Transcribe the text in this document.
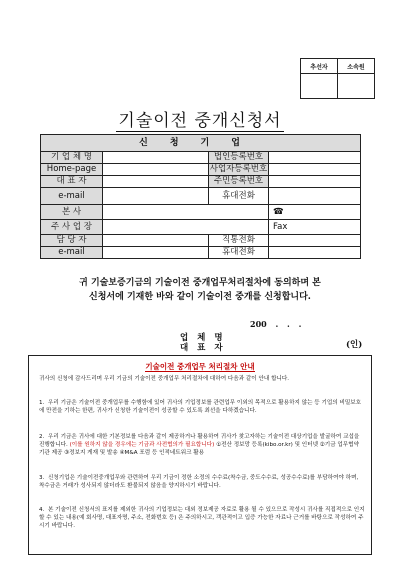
추선자	소속원

기술이전 중개신청서
신청기업			
기 업 체 명		법인등록번호	
Home-page		사업자등록번호	
대 표 자		주민등록번호	
e-mail		휴대전화	
본 사			☎
주 사 업 장			Fax
담 당 자		직통전화	
e-mail		휴대전화	
귀 기술보증기금의 기술이전 중개업무처리절차에 동의하며 본
신청서에 기재한 바와 같이 기술이전 중개를 신청합니다.
200 . . .
업 체 명
대 표 자	(인)
기술이전 중개업무 처리절차 안내

귀사의 신청에 감사드리며 우리 기금의 기술이전 중개업무 처리절차에 대하여 다음과 같이 안내 합니다.

1. 우리 기금은 기술이전 중개업무를 수행함에 있어 귀사의 기업정보를 관련업무 이외의 목적으로 활용하지 않는 등 기업의 비밀보호에 만전을 기하는 한편, 귀사가 신청한 기술이전이 성공할 수 있도록 최선을 다하겠습니다.

2. 우리 기금은 귀사에 대한 기본정보를 다음과 같이 제공하거나 활용하여 귀사가 찾고자하는 기술이전 대상기업을 발굴하여 교섭을 진행합니다. (이를 원하지 않을 경우에는 기금과 사전협의가 필요합니다) ①전산 정보망 등록(kibo.or.kr) 및 인터넷 ②기금 업무협약 기관 제공 ③정보지 게재 및 발송 ④M&A 포럼 등 인적네트워크 활용

3. 신청기업은 기술이전중개업무와 관련하여 우리 기금이 정한 소정의 수수료(착수금, 중도수수료, 성공수수료)를 부담하여야 하며, 착수금은 거래가 성사되지 않더라도 환불되지 않음을 양지하시기 바랍니다.

4. 본 기술이전 신청서의 표지를 제외한 귀사의 기업정보는 대외 정보제공 자료로 활용 될 수 있으므로 작성시 귀사를 직접적으로 인지할 수 있는 내용(예 회사명, 대표자명, 주소, 전화번호 등) 은 주의하시고, 객관적이고 입증 가능한 자료나 근거를 바탕으로 작성하여 주시기 바랍니다.
